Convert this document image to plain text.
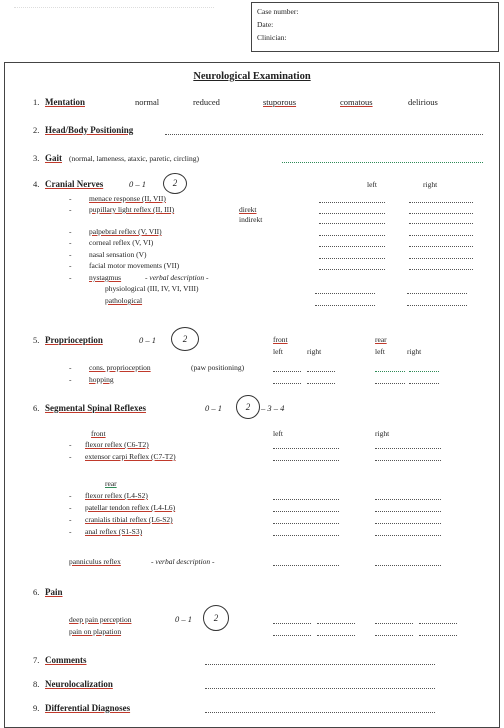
Case number:
Date:
Clinician:
Neurological Examination
1. Mentation	normal	reduced	stuporous	comatous	delirious
2. Head/Body Positioning
3. Gait (normal, lameness, ataxic, paretic, circling)
4. Cranial Nerves	0 – 1	2	left	right
- menace response (II, VII)
- pupillary light reflex (II, III)	direkt
indirekt
- palpebral reflex (V, VII)
- corneal reflex (V, VI)
- nasal sensation (V)
- facial motor movements (VII)
- nystagmus	- verbal description -
physiological (III, IV, VI, VIII)
pathological
5. Proprioception	0 – 1	2	front	rear
left	right	left	right
- cons. proprioception	(paw positioning)
- hopping
6. Segmental Spinal Reflexes	0 – 1	2	– 3 – 4
front	left	right
- flexor reflex (C6-T2)
- extensor carpi Reflex (C7-T2)
rear
- flexor reflex (L4-S2)
- patellar tendon reflex (L4-L6)
- cranialis tibial reflex (L6-S2)
- anal reflex (S1-S3)
panniculus reflex	- verbal description -
6. Pain
deep pain perception	0 – 1	2
pain on plapation
7. Comments
8. Neurolocalization
9. Differential Diagnoses
